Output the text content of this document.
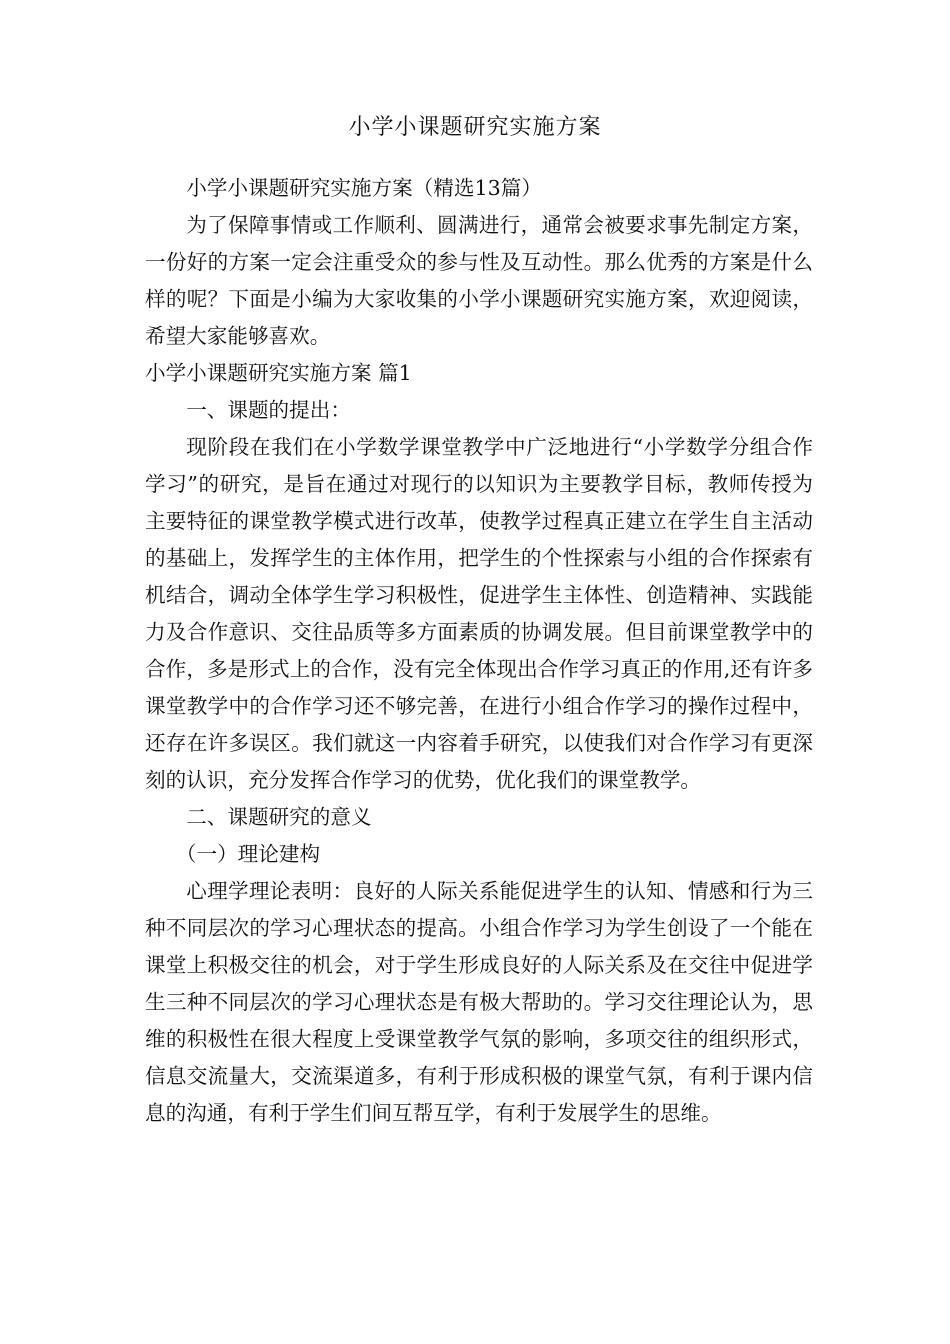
小学小课题研究实施方案

小学小课题研究实施方案（精选13篇）

为了保障事情或工作顺利、圆满进行，通常会被要求事先制定方案，一份好的方案一定会注重受众的参与性及互动性。那么优秀的方案是什么样的呢？下面是小编为大家收集的小学小课题研究实施方案，欢迎阅读，希望大家能够喜欢。

小学小课题研究实施方案 篇1

一、课题的提出：

现阶段在我们在小学数学课堂教学中广泛地进行“小学数学分组合作学习”的研究，是旨在通过对现行的以知识为主要教学目标，教师传授为主要特征的课堂教学模式进行改革，使教学过程真正建立在学生自主活动的基础上，发挥学生的主体作用，把学生的个性探索与小组的合作探索有机结合，调动全体学生学习积极性，促进学生主体性、创造精神、实践能力及合作意识、交往品质等多方面素质的协调发展。但目前课堂教学中的合作，多是形式上的合作，没有完全体现出合作学习真正的作用,还有许多课堂教学中的合作学习还不够完善，在进行小组合作学习的操作过程中，还存在许多误区。我们就这一内容着手研究，以使我们对合作学习有更深刻的认识，充分发挥合作学习的优势，优化我们的课堂教学。

二、课题研究的意义

（一）理论建构

心理学理论表明：良好的人际关系能促进学生的认知、情感和行为三种不同层次的学习心理状态的提高。小组合作学习为学生创设了一个能在课堂上积极交往的机会，对于学生形成良好的人际关系及在交往中促进学生三种不同层次的学习心理状态是有极大帮助的。学习交往理论认为，思维的积极性在很大程度上受课堂教学气氛的影响，多项交往的组织形式，信息交流量大，交流渠道多，有利于形成积极的课堂气氛，有利于课内信息的沟通，有利于学生们间互帮互学，有利于发展学生的思维。
